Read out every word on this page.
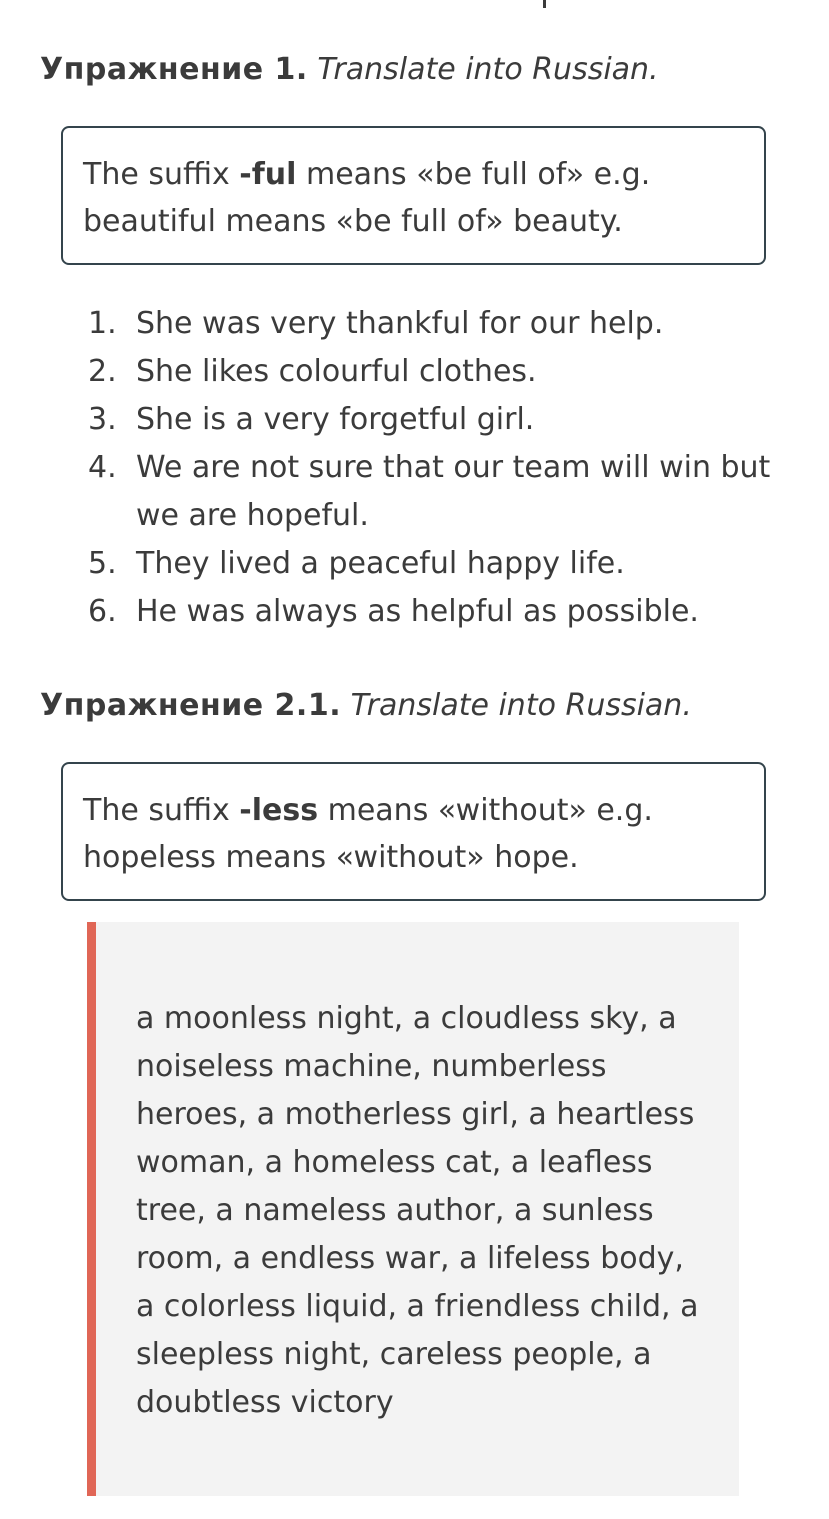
Упражнение 1. Translate into Russian.
The suffix -ful means «be full of» e.g.
beautiful means «be full of» beauty.
1. She was very thankful for our help.
2. She likes colourful clothes.
3. She is a very forgetful girl.
4. We are not sure that our team will win but we are hopeful.
5. They lived a peaceful happy life.
6. He was always as helpful as possible.
Упражнение 2.1. Translate into Russian.
The suffix -less means «without» e.g.
hopeless means «without» hope.
a moonless night, a cloudless sky, a noiseless machine, numberless heroes, a motherless girl, a heartless woman, a homeless cat, a leafless tree, a nameless author, a sunless room, a endless war, a lifeless body, a colorless liquid, a friendless child, a sleepless night, careless people, a doubtless victory
